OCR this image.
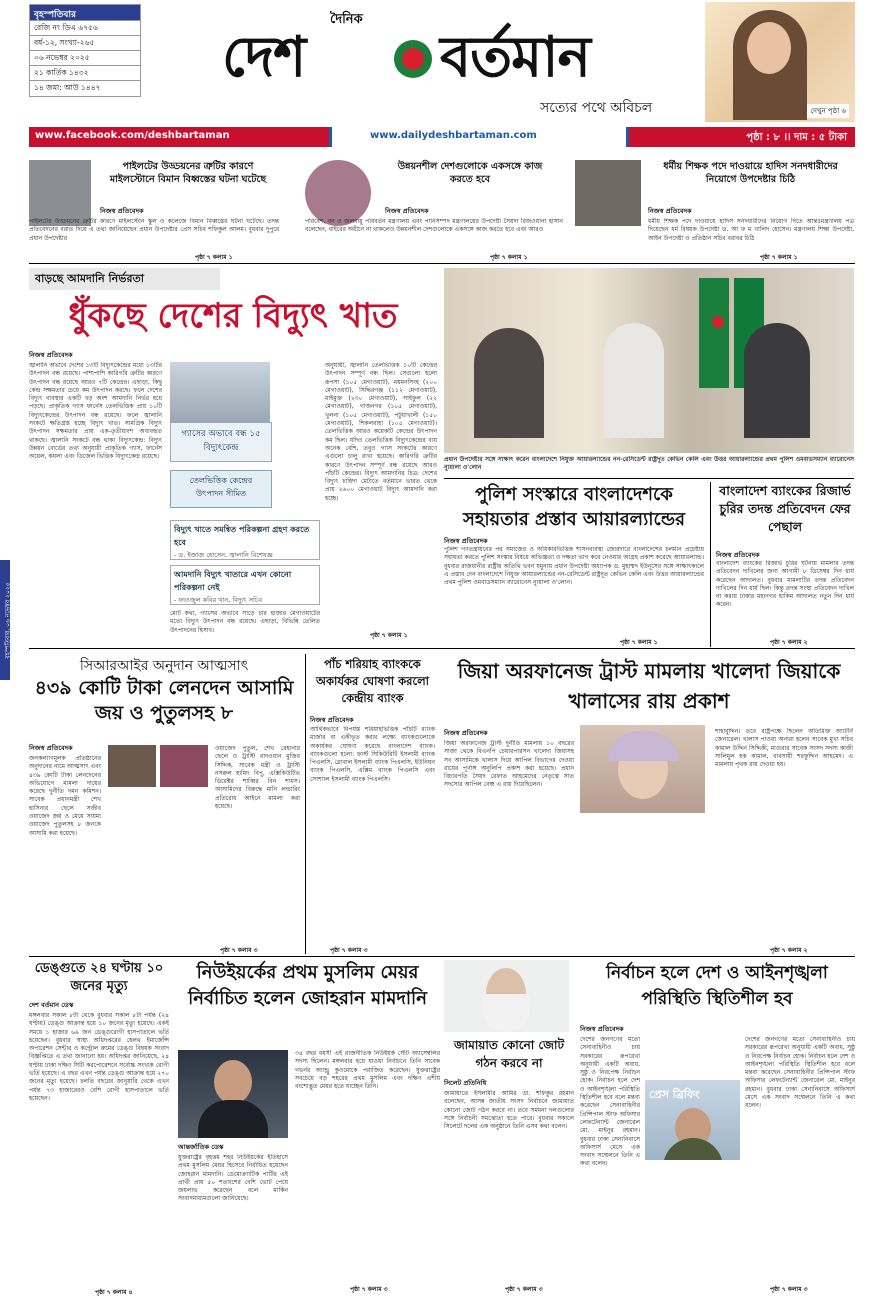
বৃহস্পতিবার
রেজি নং ডিএ ৬৭৫৬
বর্ষ-১২, সংখ্যা-২৬৫
০৬ নভেম্বর ২০২৫
২১ কার্তিক ১৪৩২
১৪ জমা: আউ ১৪৪৭
দৈনিক
দেশ বর্তমান
সত্যের পথে অবিচল	দেখুন পৃষ্ঠা ৬
www.facebook.com/deshbartaman	www.dailydeshbartaman.com	পৃষ্ঠা : ৮ ।। দাম : ৫ টাকা
বৃহস্পতিবার, ০৬ নভেম্বর ২০২৫
পাইলটের উড্ডয়নের ত্রুটির কারণে মাইলস্টোনে বিমান বিধ্বস্তের ঘটনা ঘটেছে
নিজস্ব প্রতিবেদক
পাইলটের উড্ডয়নের ত্রুটির কারণে মাইলস্টোন স্কুল ও কলেজে বিমান বিধ্বস্তের ঘটনা ঘটেছে। তদন্ত প্রতিবেদনের বরাত দিয়ে এ তথ্য জানিয়েছেন প্রধান উপদেষ্টার প্রেস সচিব শফিকুল আলম। বুধবার দুপুরে প্রধান উপদেষ্টার
পৃষ্ঠা ৭ কলাম ১
উন্নয়নশীল দেশগুলোকে একসঙ্গে কাজ করতে হবে
নিজস্ব প্রতিবেদক
পরিবেশ, বন ও জলবায়ু পরিবর্তন মন্ত্রণালয় এবং পানিসম্পদ মন্ত্রণালয়ের উপদেষ্টা সৈয়দা রিজওয়ানা হাসান বলেছেন, বাইরের অধীনে না থাকলেও উন্নয়নশীল দেশগুলোকে একসঙ্গে কাজ করতে হবে এবং আরও
পৃষ্ঠা ৭ কলাম ১
ধর্মীয় শিক্ষক পদে দাওয়ায়ে হাদিস সনদধারীদের নিয়োগে উপদেষ্টার চিঠি
নিজস্ব প্রতিবেদক
ধর্মীয় শিক্ষক পদে দাওয়ায়ে হাদিস সনদধারীদের নিয়োগ দিতে আন্তঃমন্ত্রণালয় পত্র দিয়েছেন ধর্ম বিষয়ক উপদেষ্টা ড. আ ফ ম খালিদ হোসেন। মন্ত্রণালয় শিক্ষা উপদেষ্টা, আইন উপদেষ্টা ও প্রতিষ্ঠান সচিব বরাবর চিঠি
পৃষ্ঠা ৭ কলাম ১
বাড়ছে আমদানি নির্ভরতা
ধুঁকছে দেশের বিদ্যুৎ খাত
নিজস্ব প্রতিবেদক
জ্বালানি অভাবে দেশের ১৩টি বিদ্যুৎকেন্দ্রের মধ্যে ১৩টির উৎপাদন বন্ধ রয়েছে। পাশাপাশি কারিগরি ত্রুটির কারণে উৎপাদন বন্ধ রয়েছে আরও ৭টি কেন্দ্রের। এছাড়া, কিছু কেন্দ্র সক্ষমতার চেয়ে কম উৎপাদন করছে। ফলে দেশের বিদ্যুৎ ব্যবস্থার একটি বড় অংশ আমদানি নির্ভর হয়ে পড়ছে। প্রাকৃতিক গ্যাস ফার্নেস তেলভিত্তিক প্রায় ১০টি বিদ্যুৎকেন্দ্রের উৎপাদন বন্ধ রয়েছে। ফলে জ্বালানি সংকটে ক্ষতিগ্রস্ত হচ্ছে বিদ্যুৎ খাত। সামগ্রিক বিদ্যুৎ উৎপাদন সক্ষমতার প্রায় এক-তৃতীয়াংশ অব্যবহৃত থাকছে। জ্বালানি সংকটে বন্ধ থাকা বিদ্যুৎকেন্দ্র: বিদ্যুৎ উন্নয়ন বোর্ডের তথ্য অনুযায়ী প্রাকৃতিক গ্যাস, ফার্নেস অয়েল, কয়লা এবং ডিজেল ভিত্তিক বিদ্যুৎকেন্দ্র রয়েছে।
গ্যাসের অভাবে বন্ধ ১৫ বিদ্যুৎকেন্দ্র
তেলভিত্তিক কেন্দ্রের উৎপাদন সীমিত
বিদ্যুৎ খাতে সমন্বিত পরিকল্পনা গ্রহণ করতে হবে
- ড. ইজাজ হোসেন, জ্বালানি বিশেষজ্ঞ
আমদানি বিদ্যুৎ খাতারে এখন কোনো পরিকল্পনা নেই
- ফাওজুল কবির খান, বিদ্যুৎ সচিব
মোট কথা, গ্যাসের অভাবে সাড়ে চার হাজার মেগাওয়াটের মতো বিদ্যুৎ উৎপাদন বন্ধ রয়েছে। এছাড়া, বিভিন্নি তেলিত উৎপাদনের হিসাব।
অনুযায়ী, জ্বালানি তেলভিত্তিক ১০টি কেন্দ্রের উৎপাদন সম্পূর্ণ বন্ধ ছিল। সেগুলো হলো রূপসা (১০৫ মেগাওয়াট), ময়মনসিংহ (২০০ মেগাওয়াট), সিদ্ধিরগঞ্জ (১১২ মেগাওয়াট), মাইমুক্ত (২৩০ মেগাওয়াট), সাইফুল (২২ মেগাওয়াট), গাজনগর (১০৫ মেগাওয়াট), খুলনা (১০৫ মেগাওয়াট), পটুয়াখালী (১৫০ মেগাওয়াট), শিকলবাহা (১০৫ মেগাওয়াট)। তেলভিত্তিক আরও কয়েকটি কেন্দ্রের উৎপাদন কম ছিল। যদিও তেলভিত্তিক বিদ্যুৎকেন্দ্রের ব্যয় অনেক বেশি, তবুও গ্যাস সংকটের কারণে এগুলো চালু রাখা হয়েছে। কারিগরি ত্রুটির কারণে উৎপাদন সম্পূর্ণ বন্ধ রয়েছে আরও পাঁচটি কেন্দ্রের। বিদ্যুৎ আমদানির চিত্র: দেশের বিদ্যুৎ চাহিদা মেটাতে বর্তমানে ভারত থেকে প্রায় ২৬০০ মেগাওয়াট বিদ্যুৎ আমদানি করা হচ্ছে।
পৃষ্ঠা ৭ কলাম ১
প্রধান উপদেষ্টার সঙ্গে সাক্ষাৎ করেন বাংলাদেশে নিযুক্ত আয়ারল্যান্ডের নন-রেসিডেন্ট রাষ্ট্রদূত কেভিন কেলি এবং উত্তর আয়ারল্যান্ডের প্রথম পুলিশ ওমবাডসম্যান ব্যারোনেস ন্যুয়ালা ও'লোন
পুলিশ সংস্কারে বাংলাদেশকে সহায়তার প্রস্তাব আয়ারল্যান্ডের
নিজস্ব প্রতিবেদক
পুলিশ গণতন্ত্রায়নের পর সমাজের ও অধিকারভিত্তিক শাসনব্যবস্থা জোরদারে বাংলাদেশের চলমান প্রচেষ্টায় সহায়তা করতে পুলিশ সংস্কার বিষয়ে অভিজ্ঞতা ও দক্ষতা ভাগ করে নেওয়ার আগ্রহ প্রকাশ করেছে আয়ারল্যান্ড। বুধবার রাজধানীর রাষ্ট্রীয় অতিথি ভবন যমুনায় প্রধান উপদেষ্টা অধ্যাপক ড. মুহাম্মদ ইউনূসের সঙ্গে সাক্ষাৎকালে এ প্রস্তাব দেন বাংলাদেশে নিযুক্ত আয়ারল্যান্ডের নন-রেসিডেন্ট রাষ্ট্রদূত কেভিন কেলি এবং উত্তর আয়ারল্যান্ডের প্রথম পুলিশ ওমবাডসম্যান ব্যারোনেস ন্যুয়ালা ও'লোন।
পৃষ্ঠা ৭ কলাম ১
বাংলাদেশ ব্যাংকের রিজার্ভ চুরির তদন্ত প্রতিবেদন ফের পেছাল
নিজস্ব প্রতিবেদক
বাংলাদেশ ব্যাংকের রিজার্ভ চুরির ঘটনায় মামলার তদন্ত প্রতিবেদন দাখিলের জন্য আগামী ৮ ডিসেম্বর দিন ধার্য করেছেন আদালত। বুধবার মামলাটির তদন্ত প্রতিবেদন দাখিলের দিন ধার্য ছিল। কিন্তু তদন্ত সংস্থা প্রতিবেদন দাখিল না করায় ঢাকার মহানগর হাকিম আদালত নতুন দিন ধার্য করেন।
পৃষ্ঠা ৭ কলাম ২
সিআরআইর অনুদান আত্মসাৎ
৪৩৯ কোটি টাকা লেনদেন আসামি জয় ও পুতুলসহ ৮
নিজস্ব প্রতিবেদক
জনকল্যাণমূলক প্রতিষ্ঠানের অনুদানের নামে আত্মসাৎ এবং ৪৩৯ কোটি টাকা লেনদেনের অভিযোগে মামলা দায়ের করেছে দুর্নীতি দমন কমিশন। সাবেক প্রধানমন্ত্রী শেখ হাসিনার ছেলে সজীব ওয়াজেদ জয় ও মেয়ে সায়মা ওয়াজেদ পুতুলসহ ৮ জনকে আসামি করা হয়েছে।
ওয়াজেদ পুতুল, শেখ রেহানার ছেলে ও ট্রাস্টি রাদওয়ান মুজিব সিদ্দিক, সাবেক মন্ত্রী ও ট্রাস্টি নসরুল হামিদ বিপু, এক্সিকিউটিভ ডিরেক্টর শাব্বির বিন শামস। আসামিদের বিরুদ্ধে মানি লন্ডারিং প্রতিরোধ আইনে মামলা করা হয়েছে।
পৃষ্ঠা ৭ কলাম ৩
পাঁচ শরিয়াহ ব্যাংককে অকার্যকর ঘোষণা করলো কেন্দ্রীয় ব্যাংক
নিজস্ব প্রতিবেদক
আর্থিকভাবে বিপর্যস্ত শরিয়াহভিত্তিক পাঁচটি ব্যাংক মার্জার বা একীভূত করার লক্ষ্যে ব্যাংকগুলোকে অকার্যকর ঘোষণা করেছে বাংলাদেশ ব্যাংক। ব্যাংকগুলো হলো: ফার্স্ট সিকিউরিটি ইসলামী ব্যাংক পিএলসি, গ্লোবাল ইসলামী ব্যাংক পিএলসি, ইউনিয়ন ব্যাংক পিএলসি, এক্সিম ব্যাংক পিএলসি এবং সোশ্যাল ইসলামী ব্যাংক পিএলসি।
পৃষ্ঠা ৭ কলাম ৩
জিয়া অরফানেজ ট্রাস্ট মামলায় খালেদা জিয়াকে খালাসের রায় প্রকাশ
নিজস্ব প্রতিবেদক
জিয়া অরফানেজ ট্রাস্ট দুর্নীতি মামলায় ১০ বছরের সাজা থেকে বিএনপি চেয়ারপারসন খালেদা জিয়াসহ সব আসামিকে খালাস দিয়ে আপিল বিভাগের দেওয়া রায়ের পূর্ণাঙ্গ অনুলিপি প্রকাশ করা হয়েছে। প্রধান বিচারপতি সৈয়দ রেফাত আহমেদের নেতৃত্বে সাত সদস্যের আপিল বেঞ্চ এ রায় দিয়েছিলেন।
শাহাবুদ্দিন। তবে রাষ্ট্রপক্ষে ছিলেন অতিরিক্ত অ্যাটর্নি জেনারেল। খালাস পাওয়া অন্যরা হলেন সাবেক মুখ্য সচিব কামাল উদ্দিন সিদ্দিকী, মাগুরার সাবেক সংসদ সদস্য কাজী সালিমুল হক কামাল, ব্যবসায়ী শরফুদ্দিন আহমেদ। এ মামলায় পৃথক রায় দেওয়া হয়।
পৃষ্ঠা ৭ কলাম ২
ডেঙ্গুতে ২৪ ঘণ্টায় ১০ জনের মৃত্যু
দেশ বর্তমান ডেস্ক
মঙ্গলবার সকাল ৮টা থেকে বুধবার সকাল ৮টা পর্যন্ত (২৪ ঘণ্টায়) ডেঙ্গু আক্রান্ত হয়ে ১০ জনের মৃত্যু হয়েছে। একই সময়ে ১ হাজার ৬৯ জন ডেঙ্গুরোগী হাসপাতালে ভর্তি হয়েছেন। বুধবার স্বাস্থ্য অধিদপ্তরের হেলথ ইমার্জেন্সি অপারেশন সেন্টার ও কন্ট্রোল রুমের ডেঙ্গু বিষয়ক সংবাদ বিজ্ঞপ্তিতে এ তথ্য জানানো হয়। অধিদপ্তর জানিয়েছে, ২৪ ঘণ্টায় ঢাকা দক্ষিণ সিটি করপোরেশনে সর্বোচ্চ সংখ্যক রোগী ভর্তি হয়েছে। এ বছর এখন পর্যন্ত ডেঙ্গু আক্রান্ত হয়ে ২৭০ জনের মৃত্যু হয়েছে। চলতি বছরের জানুয়ারি থেকে এখন পর্যন্ত ৭৩ হাজারেরও বেশি রোগী হাসপাতালে ভর্তি হয়েছেন।
পৃষ্ঠা ৭ কলাম ৪
নিউইয়র্কের প্রথম মুসলিম মেয়র নির্বাচিত হলেন জোহরান মামদানি
আন্তর্জাতিক ডেস্ক
যুক্তরাষ্ট্রের বৃহত্তম শহর নিউইয়র্কের ইতিহাসে প্রথম মুসলিম মেয়র হিসেবে নির্বাচিত হয়েছেন জোহরান মামদানি। ডেমোক্র্যাটিক পার্টির এই প্রার্থী প্রায় ৫০ শতাংশের বেশি ভোট পেয়ে জয়লাভ করেছেন বলে মার্কিন সংবাদমাধ্যমগুলো জানিয়েছে।
৩৪ বছর বয়সী এই রাজনীতিক নিউইয়র্ক স্টেট অ্যাসেম্বলির সদস্য ছিলেন। মঙ্গলবার হয়ে যাওয়া নির্বাচনে তিনি সাবেক গভর্নর অ্যান্ড্রু কুওমোকে পরাজিত করেছেন। যুক্তরাষ্ট্রের সবচেয়ে বড় শহরের প্রথম মুসলিম এবং দক্ষিণ এশীয় বংশোদ্ভূত মেয়র হতে যাচ্ছেন তিনি।
পৃষ্ঠা ৭ কলাম ৩
জামায়াত কোনো জোট গঠন করবে না
সিলেট প্রতিনিধি
জামায়াতে ইসলামীর আমির ডা. শফিকুর রহমান বলেছেন, আসন্ন জাতীয় সংসদ নির্বাচনে জামায়াত কোনো জোট গঠন করবে না। তবে সমমনা দলগুলোর সঙ্গে নির্বাচনী সমঝোতা হতে পারে। বুধবার সকালে সিলেটে দলের এক অনুষ্ঠানে তিনি এসব কথা বলেন।
পৃষ্ঠা ৭ কলাম ৩
নির্বাচন হলে দেশ ও আইনশৃঙ্খলা পরিস্থিতি স্থিতিশীল হব
নিজস্ব প্রতিবেদক
দেশের জনগণের মতো সেনাবাহিনীও চায় সরকারের রূপরেখা অনুযায়ী একটি অবাধ, সুষ্ঠু ও নিরপেক্ষ নির্বাচন হোক। নির্বাচন হলে দেশ ও আইনশৃঙ্খলা পরিস্থিতি স্থিতিশীল হবে বলে মন্তব্য করেছেন সেনাবাহিনীর প্রিন্সিপাল স্টাফ অফিসার লেফটেন্যান্ট জেনারেল মো. মাইনুর রহমান। বুধবার ঢাকা সেনানিবাসে অফিসার্স মেসে এক সংবাদ সম্মেলনে তিনি এ কথা বলেন।
প্রেস ব্রিফিং
দেশের জনগণের মতো সেনাবাহিনীও চায় সরকারের রূপরেখা অনুযায়ী একটি অবাধ, সুষ্ঠু ও নিরপেক্ষ নির্বাচন হোক। নির্বাচন হলে দেশ ও আইনশৃঙ্খলা পরিস্থিতি স্থিতিশীল হবে বলে মন্তব্য করেছেন সেনাবাহিনীর প্রিন্সিপাল স্টাফ অফিসার লেফটেন্যান্ট জেনারেল মো. মাইনুর রহমান। বুধবার ঢাকা সেনানিবাসে অফিসার্স মেসে এক সংবাদ সম্মেলনে তিনি এ কথা বলেন।
পৃষ্ঠা ৭ কলাম ৩
